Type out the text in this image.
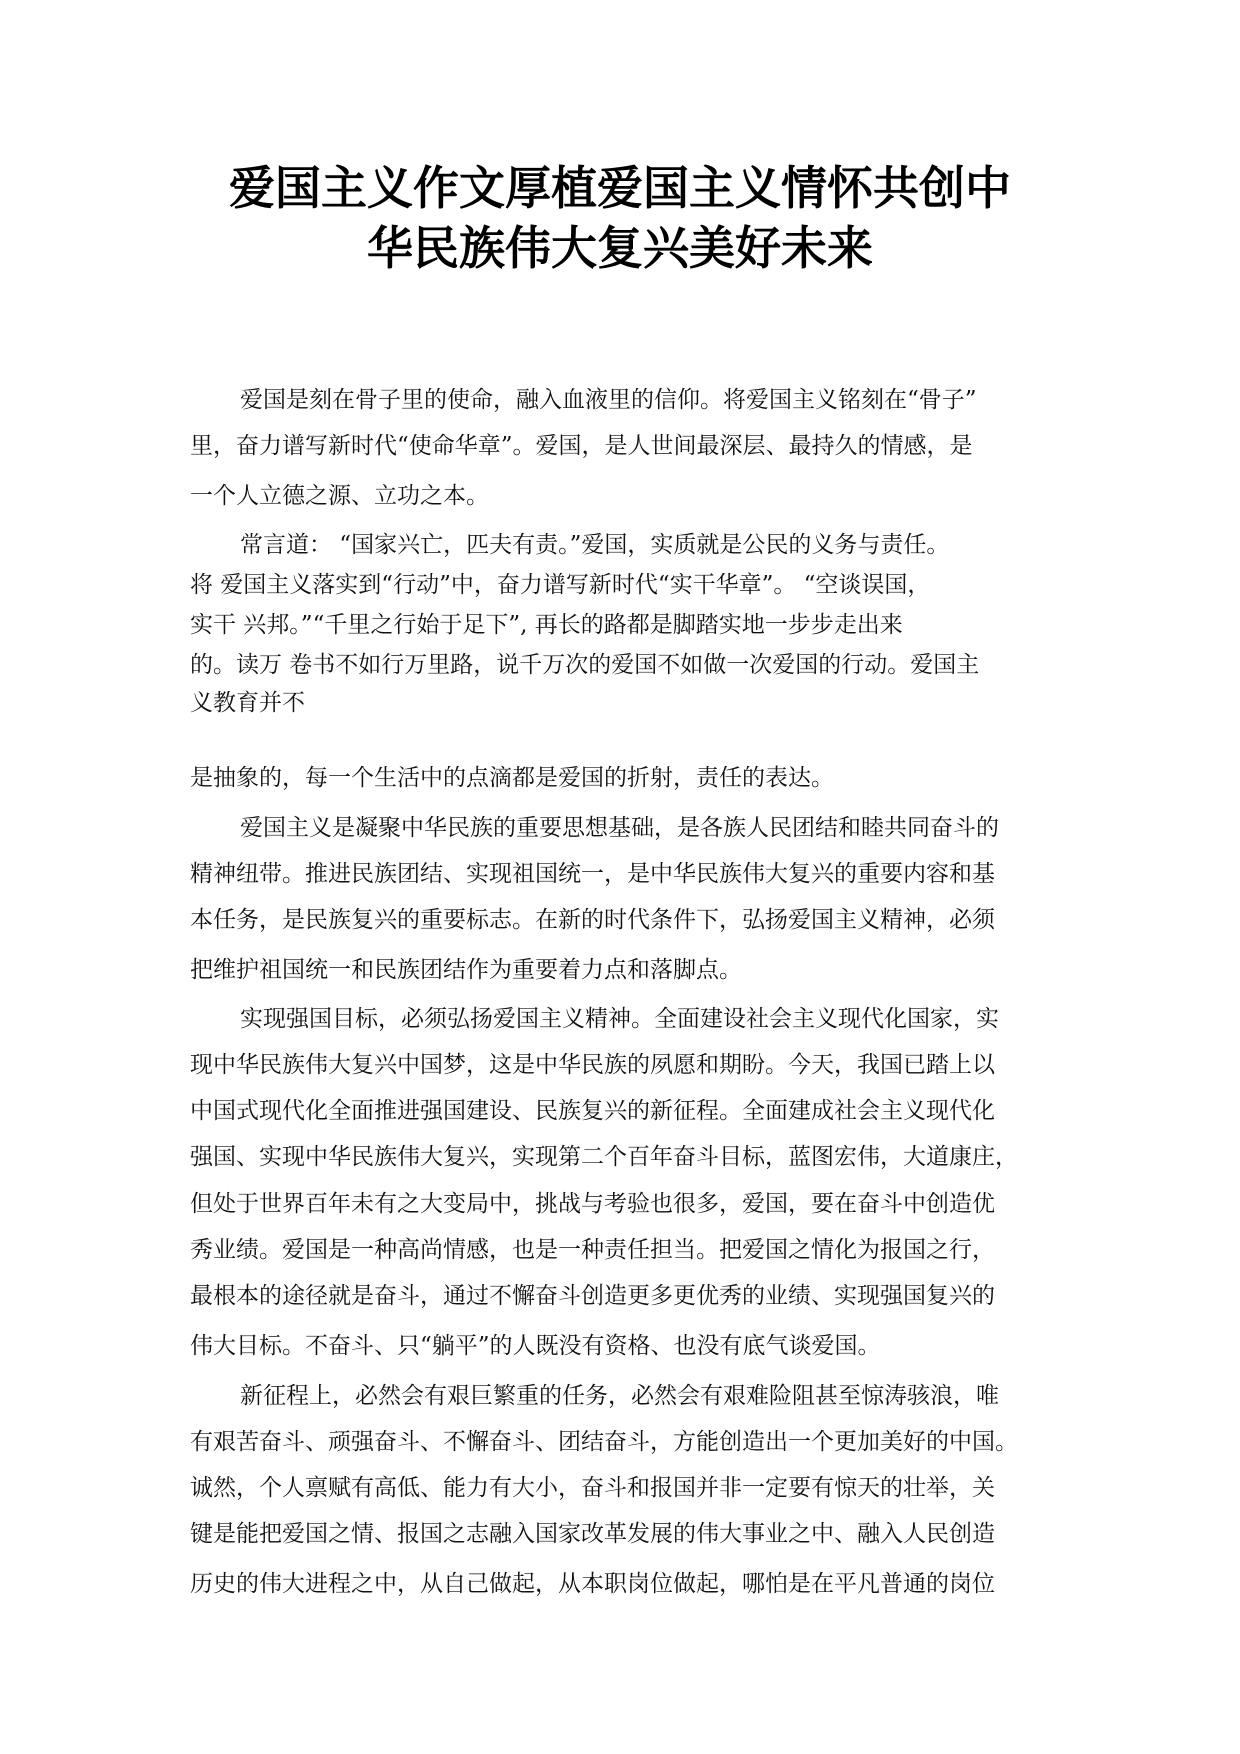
爱国主义作文厚植爱国主义情怀共创中
华民族伟大复兴美好未来
爱国是刻在骨子里的使命，融入血液里的信仰。将爱国主义铭刻在“骨子”
里，奋力谱写新时代“使命华章”。爱国，是人世间最深层、最持久的情感，是
一个人立德之源、立功之本。
常言道： “国家兴亡，匹夫有责。”爱国，实质就是公民的义务与责任。
将 爱国主义落实到“行动”中，奋力谱写新时代“实干华章”。 “空谈误国，
实干 兴邦。”“千里之行始于足下”, 再长的路都是脚踏实地一步步走出来
的。读万 卷书不如行万里路，说千万次的爱国不如做一次爱国的行动。爱国主
义教育并不
是抽象的，每一个生活中的点滴都是爱国的折射，责任的表达。
爱国主义是凝聚中华民族的重要思想基础，是各族人民团结和睦共同奋斗的
精神纽带。推进民族团结、实现祖国统一，是中华民族伟大复兴的重要内容和基
本任务，是民族复兴的重要标志。在新的时代条件下，弘扬爱国主义精神，必须
把维护祖国统一和民族团结作为重要着力点和落脚点。
实现强国目标，必须弘扬爱国主义精神。全面建设社会主义现代化国家，实
现中华民族伟大复兴中国梦，这是中华民族的夙愿和期盼。今天，我国已踏上以
中国式现代化全面推进强国建设、民族复兴的新征程。全面建成社会主义现代化
强国、实现中华民族伟大复兴，实现第二个百年奋斗目标，蓝图宏伟，大道康庄，
但处于世界百年未有之大变局中，挑战与考验也很多，爱国，要在奋斗中创造优
秀业绩。爱国是一种高尚情感，也是一种责任担当。把爱国之情化为报国之行，
最根本的途径就是奋斗，通过不懈奋斗创造更多更优秀的业绩、实现强国复兴的
伟大目标。不奋斗、只“躺平”的人既没有资格、也没有底气谈爱国。
新征程上，必然会有艰巨繁重的任务，必然会有艰难险阻甚至惊涛骇浪，唯
有艰苦奋斗、顽强奋斗、不懈奋斗、团结奋斗，方能创造出一个更加美好的中国。
诚然，个人禀赋有高低、能力有大小，奋斗和报国并非一定要有惊天的壮举，关
键是能把爱国之情、报国之志融入国家改革发展的伟大事业之中、融入人民创造
历史的伟大进程之中，从自己做起，从本职岗位做起，哪怕是在平凡普通的岗位
